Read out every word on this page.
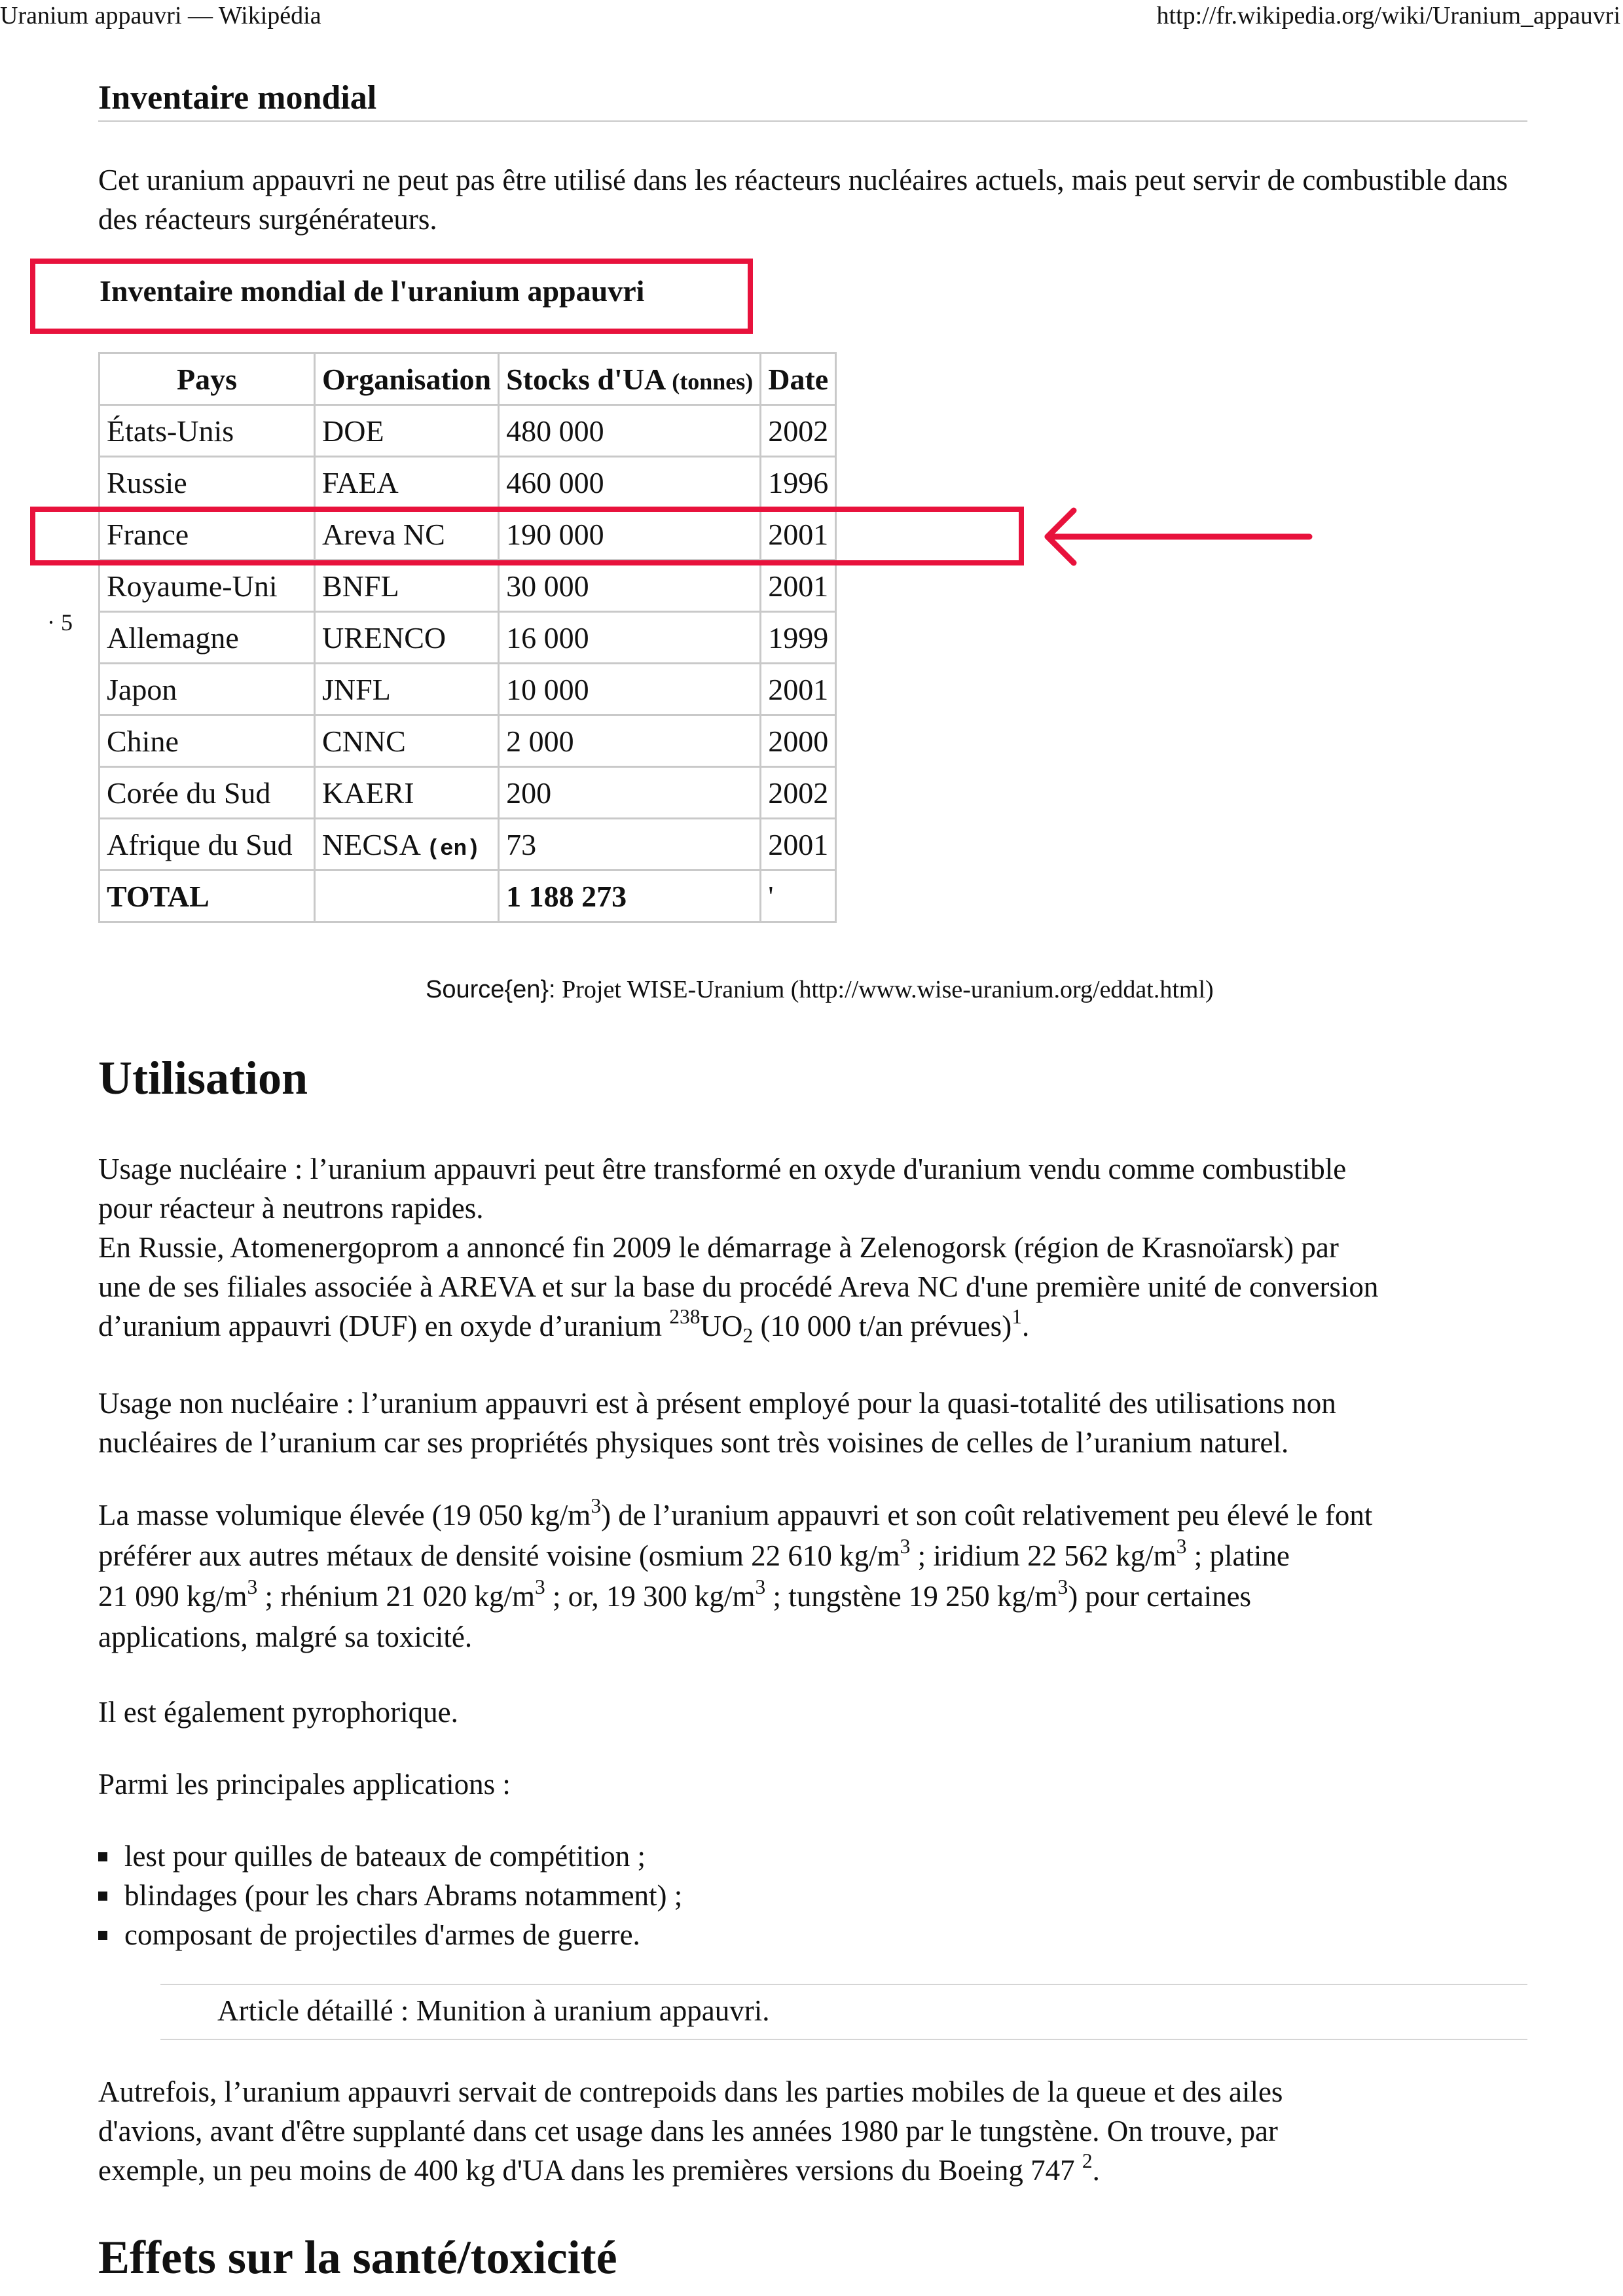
Uranium appauvri — Wikipédia	http://fr.wikipedia.org/wiki/Uranium_appauvri
Inventaire mondial
Cet uranium appauvri ne peut pas être utilisé dans les réacteurs nucléaires actuels, mais peut servir de combustible dans des réacteurs surgénérateurs.
Inventaire mondial de l'uranium appauvri
· 5
Pays	Organisation	Stocks d'UA (tonnes)	Date
États-Unis	DOE	480 000	2002
Russie	FAEA	460 000	1996
France	Areva NC	190 000	2001
Royaume-Uni	BNFL	30 000	2001
Allemagne	URENCO	16 000	1999
Japon	JNFL	10 000	2001
Chine	CNNC	2 000	2000
Corée du Sud	KAERI	200	2002
Afrique du Sud	NECSA (en)	73	2001
TOTAL		1 188 273	'
Source{en}: Projet WISE-Uranium (http://www.wise-uranium.org/eddat.html)
Utilisation
Usage nucléaire : l’uranium appauvri peut être transformé en oxyde d'uranium vendu comme combustible
pour réacteur à neutrons rapides.
En Russie, Atomenergoprom a annoncé fin 2009 le démarrage à Zelenogorsk (région de Krasnoïarsk) par
une de ses filiales associée à AREVA et sur la base du procédé Areva NC d'une première unité de conversion
d’uranium appauvri (DUF) en oxyde d’uranium $^{238}UO_2$ (10 000 t/an prévues)$^1$.
Usage non nucléaire : l’uranium appauvri est à présent employé pour la quasi-totalité des utilisations non
nucléaires de l’uranium car ses propriétés physiques sont très voisines de celles de l’uranium naturel.
La masse volumique élevée (19 050 $kg/m^3$) de l’uranium appauvri et son coût relativement peu élevé le font
préférer aux autres métaux de densité voisine (osmium 22 610 $kg/m^3$ ; iridium 22 562 $kg/m^3$ ; platine
21 090 $kg/m^3$ ; rhénium 21 020 $kg/m^3$ ; or, 19 300 $kg/m^3$ ; tungstène 19 250 $kg/m^3$) pour certaines
applications, malgré sa toxicité.
Il est également pyrophorique.
Parmi les principales applications :
lest pour quilles de bateaux de compétition ;
blindages (pour les chars Abrams notamment) ;
composant de projectiles d'armes de guerre.
Article détaillé : Munition à uranium appauvri.
Autrefois, l’uranium appauvri servait de contrepoids dans les parties mobiles de la queue et des ailes
d'avions, avant d'être supplanté dans cet usage dans les années 1980 par le tungstène. On trouve, par
exemple, un peu moins de 400 kg d'UA dans les premières versions du Boeing 747 $^2$.
Effets sur la santé/toxicité
